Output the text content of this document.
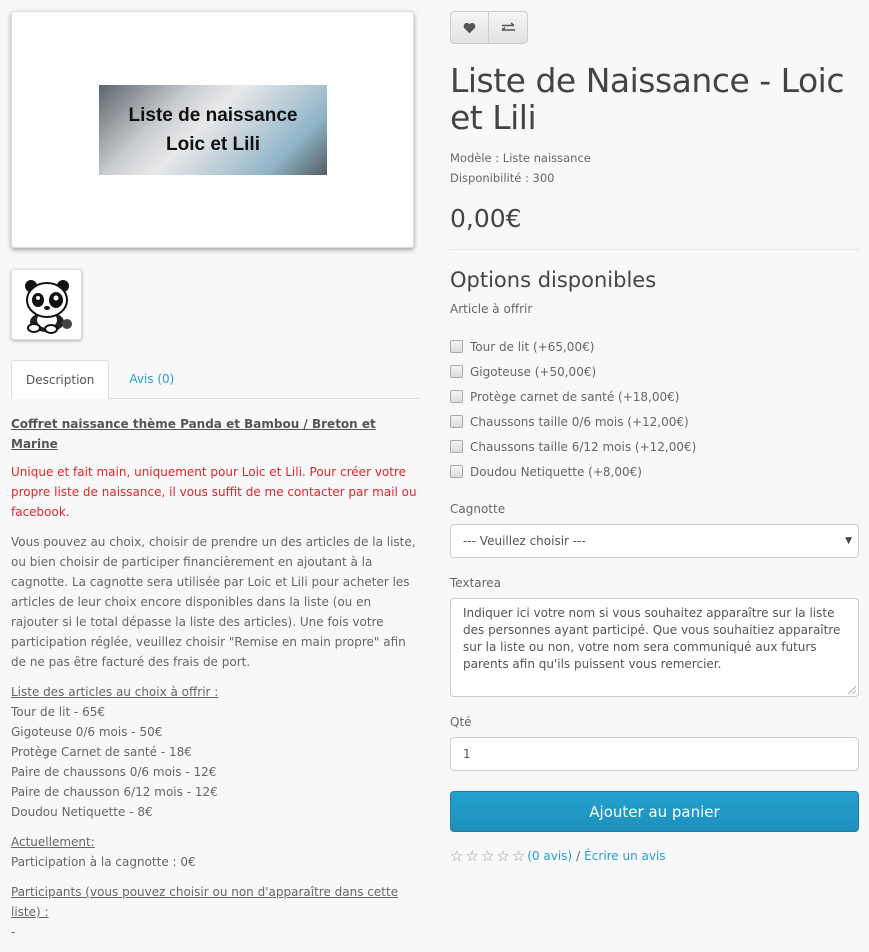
Liste de naissance
Loic et Lili
Description	Avis (0)

Coffret naissance thème Panda et Bambou / Breton et Marine

Unique et fait main, uniquement pour Loic et Lili. Pour créer votre propre liste de naissance, il vous suffit de me contacter par mail ou facebook.

Vous pouvez au choix, choisir de prendre un des articles de la liste, ou bien choisir de participer financièrement en ajoutant à la cagnotte. La cagnotte sera utilisée par Loic et Lili pour acheter les articles de leur choix encore disponibles dans la liste (ou en rajouter si le total dépasse la liste des articles). Une fois votre participation réglée, veuillez choisir "Remise en main propre" afin de ne pas être facturé des frais de port.

Liste des articles au choix à offrir :
Tour de lit - 65€
Gigoteuse 0/6 mois - 50€
Protège Carnet de santé - 18€
Paire de chaussons 0/6 mois - 12€
Paire de chausson 6/12 mois - 12€
Doudou Netiquette - 8€
Actuellement:
Participation à la cagnotte : 0€
Participants (vous pouvez choisir ou non d'apparaître dans cette liste) :
-
Liste de Naissance - Loic et Lili
Modèle : Liste naissance
Disponibilité : 300
0,00€
Options disponibles
Article à offrir
Tour de lit (+65,00€)
Gigoteuse (+50,00€)
Protège carnet de santé (+18,00€)
Chaussons taille 0/6 mois (+12,00€)
Chaussons taille 6/12 mois (+12,00€)
Doudou Netiquette (+8,00€)
Cagnotte
--- Veuillez choisir ---	▼
Textarea
Indiquer ici votre nom si vous souhaitez apparaître sur la liste des personnes ayant participé. Que vous souhaitiez apparaître sur la liste ou non, votre nom sera communiqué aux futurs parents afin qu'ils puissent vous remercier.
Qté
1
Ajouter au panier
☆ ☆ ☆ ☆ ☆ (0 avis) / Écrire un avis
